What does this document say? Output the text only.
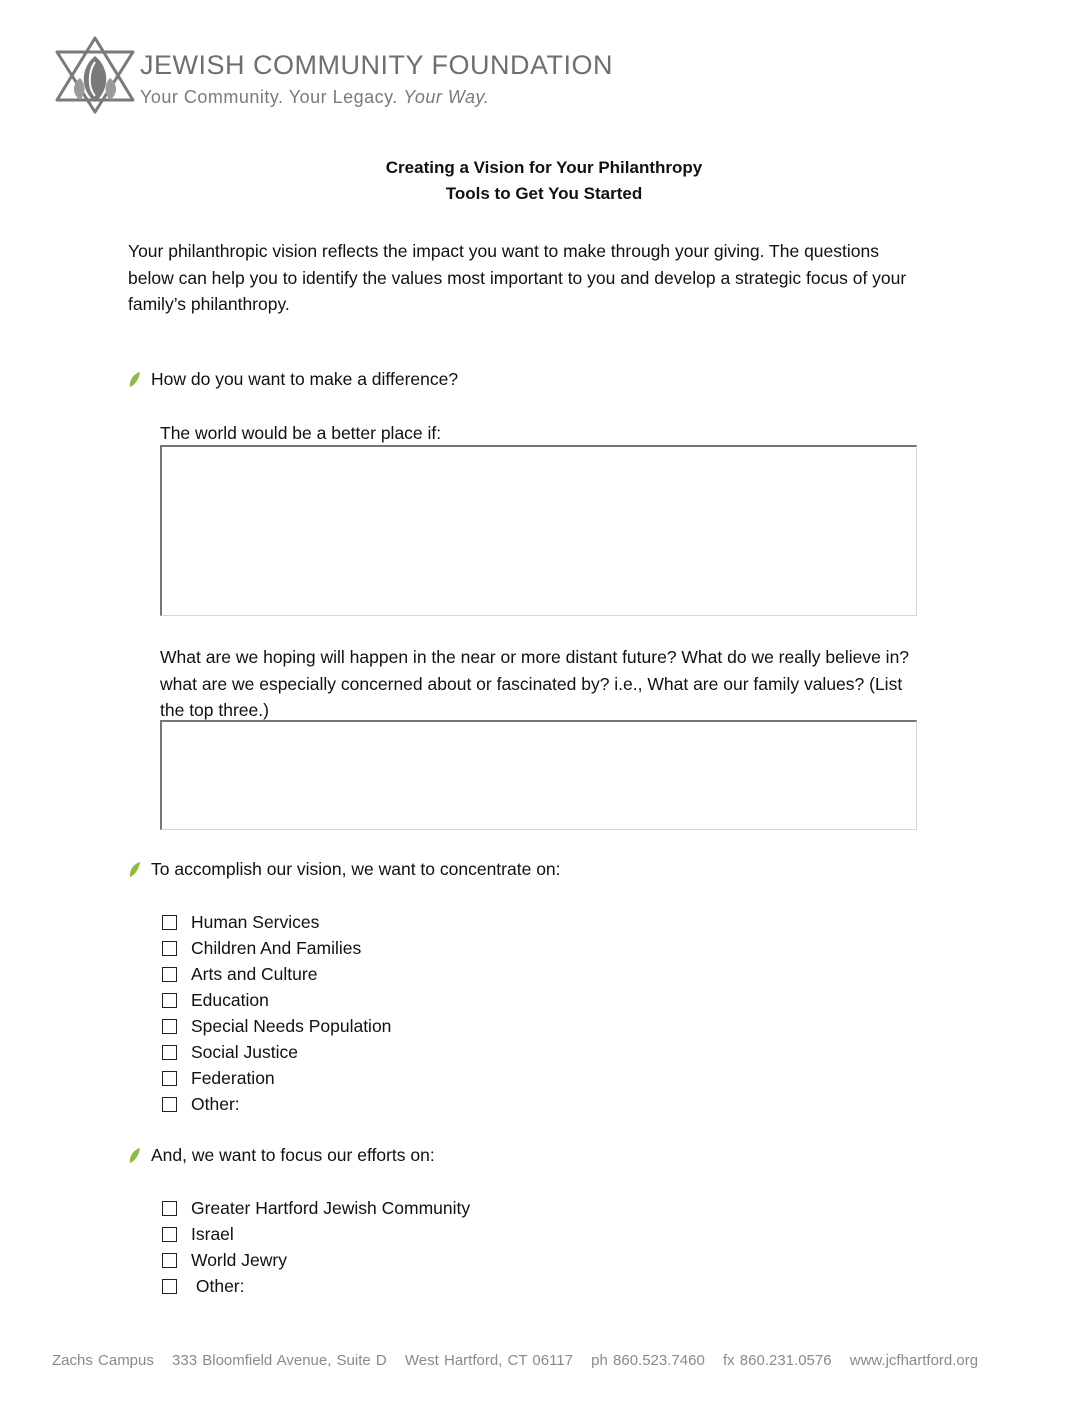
JEWISH COMMUNITY FOUNDATION
Your Community. Your Legacy. Your Way.
Creating a Vision for Your Philanthropy
Tools to Get You Started
Your philanthropic vision reflects the impact you want to make through your giving. The questions below can help you to identify the values most important to you and develop a strategic focus of your family’s philanthropy.
How do you want to make a difference?
The world would be a better place if:
What are we hoping will happen in the near or more distant future? What do we really believe in? what are we especially concerned about or fascinated by? i.e., What are our family values? (List the top three.)
To accomplish our vision, we want to concentrate on:
Human Services
Children And Families
Arts and Culture
Education
Special Needs Population
Social Justice
Federation
Other:
And, we want to focus our efforts on:
Greater Hartford Jewish Community
Israel
World Jewry
Other:
Zachs Campus 333 Bloomfield Avenue, Suite D West Hartford, CT 06117 ph 860.523.7460 fx 860.231.0576 www.jcfhartford.org
